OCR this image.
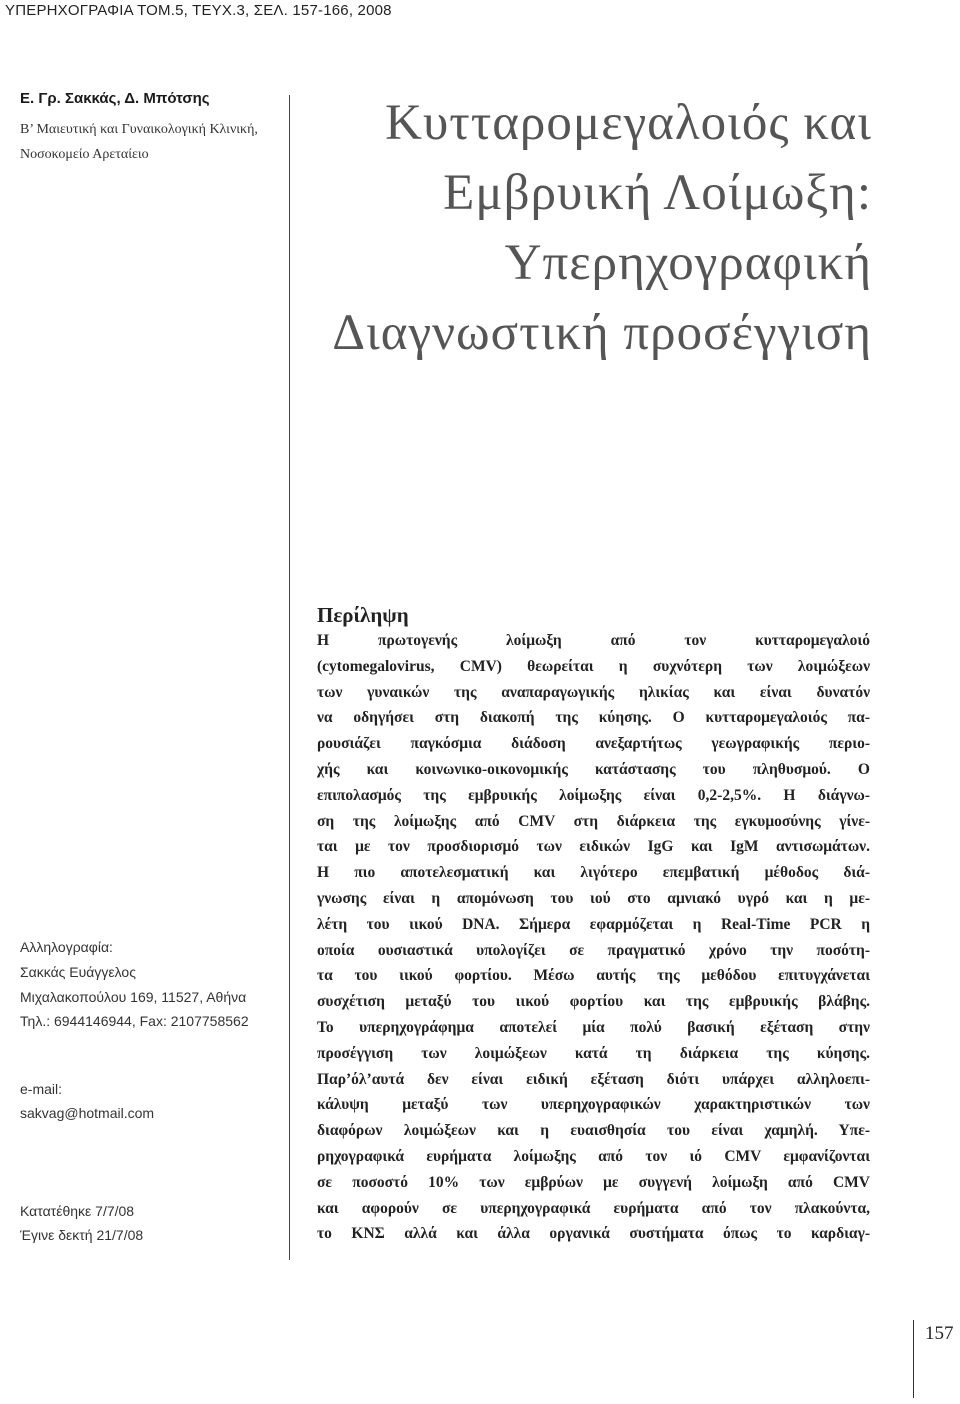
ΥΠΕΡΗΧΟΓΡΑΦΙΑ ΤΟΜ.5, ΤΕΥΧ.3, ΣΕΛ. 157-166, 2008
Ε. Γρ. Σακκάς, Δ. Μπότσης
Β’ Μαιευτική και Γυναικολογική Κλινική,
Νοσοκομείο Αρεταίειο
Κυτταρομεγαλοιός και
Εμβρυική Λοίμωξη:
Υπερηχογραφική
Διαγνωστική προσέγγιση
Αλληλογραφία:
Σακκάς Ευάγγελος
Μιχαλακοπούλου 169, 11527, Αθήνα
Τηλ.: 6944146944, Fax: 2107758562
e-mail:
sakvag@hotmail.com
Κατατέθηκε 7/7/08
Έγινε δεκτή 21/7/08
Περίληψη
Η πρωτογενής λοίμωξη από τον κυτταρομεγαλοιό
(cytomegalovirus, CMV) θεωρείται η συχνότερη των λοιμώξεων
των γυναικών της αναπαραγωγικής ηλικίας και είναι δυνατόν
να οδηγήσει στη διακοπή της κύησης. Ο κυτταρομεγαλοιός πα-
ρουσιάζει παγκόσμια διάδοση ανεξαρτήτως γεωγραφικής περιο-
χής και κοινωνικο-οικονομικής κατάστασης του πληθυσμού. Ο
επιπολασμός της εμβρυικής λοίμωξης είναι 0,2-2,5%. Η διάγνω-
ση της λοίμωξης από CMV στη διάρκεια της εγκυμοσύνης γίνε-
ται με τον προσδιορισμό των ειδικών IgG και IgM αντισωμάτων.
Η πιο αποτελεσματική και λιγότερο επεμβατική μέθοδος διά-
γνωσης είναι η απομόνωση του ιού στο αμνιακό υγρό και η με-
λέτη του ιικού DNA. Σήμερα εφαρμόζεται η Real-Time PCR η
οποία ουσιαστικά υπολογίζει σε πραγματικό χρόνο την ποσότη-
τα του ιικού φορτίου. Μέσω αυτής της μεθόδου επιτυγχάνεται
συσχέτιση μεταξύ του ιικού φορτίου και της εμβρυικής βλάβης.
Το υπερηχογράφημα αποτελεί μία πολύ βασική εξέταση στην
προσέγγιση των λοιμώξεων κατά τη διάρκεια της κύησης.
Παρ’όλ’αυτά δεν είναι ειδική εξέταση διότι υπάρχει αλληλοεπι-
κάλυψη μεταξύ των υπερηχογραφικών χαρακτηριστικών των
διαφόρων λοιμώξεων και η ευαισθησία του είναι χαμηλή. Υπε-
ρηχογραφικά ευρήματα λοίμωξης από τον ιό CMV εμφανίζονται
σε ποσοστό 10% των εμβρύων με συγγενή λοίμωξη από CMV
και αφορούν σε υπερηχογραφικά ευρήματα από τον πλακούντα,
το ΚΝΣ αλλά και άλλα οργανικά συστήματα όπως το καρδιαγ-
157
